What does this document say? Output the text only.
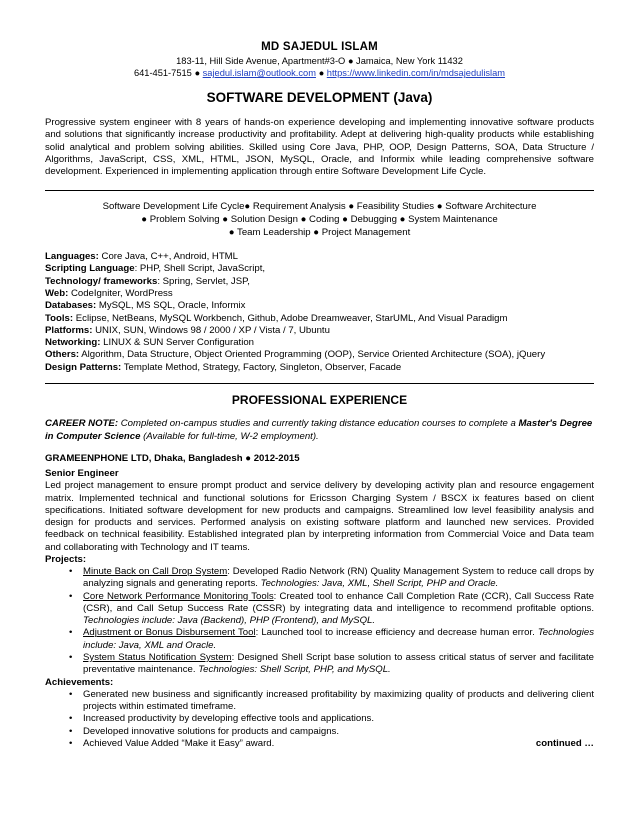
MD SAJEDUL ISLAM
183-11, Hill Side Avenue, Apartment#3-O ● Jamaica, New York 11432
641-451-7515 ● sajedul.islam@outlook.com ● https://www.linkedin.com/in/mdsajedulislam
SOFTWARE DEVELOPMENT (Java)
Progressive system engineer with 8 years of hands-on experience developing and implementing innovative software products and solutions that significantly increase productivity and profitability. Adept at delivering high-quality products while establishing solid analytical and problem solving abilities. Skilled using Core Java, PHP, OOP, Design Patterns, SOA, Data Structure / Algorithms, JavaScript, CSS, XML, HTML, JSON, MySQL, Oracle, and Informix while leading comprehensive software development. Experienced in implementing application through entire Software Development Life Cycle.
Software Development Life Cycle● Requirement Analysis ● Feasibility Studies ● Software Architecture
● Problem Solving ● Solution Design ● Coding ● Debugging ● System Maintenance
● Team Leadership ● Project Management
Languages: Core Java, C++, Android, HTML
Scripting Language: PHP, Shell Script, JavaScript,
Technology/ frameworks: Spring, Servlet, JSP,
Web: CodeIgniter, WordPress
Databases: MySQL, MS SQL, Oracle, Informix
Tools: Eclipse, NetBeans, MySQL Workbench, Github, Adobe Dreamweaver, StarUML, And Visual Paradigm
Platforms: UNIX, SUN, Windows 98 / 2000 / XP / Vista / 7, Ubuntu
Networking: LINUX & SUN Server Configuration
Others: Algorithm, Data Structure, Object Oriented Programming (OOP), Service Oriented Architecture (SOA), jQuery
Design Patterns: Template Method, Strategy, Factory, Singleton, Observer, Facade
PROFESSIONAL EXPERIENCE
CAREER NOTE: Completed on-campus studies and currently taking distance education courses to complete a Master's Degree in Computer Science (Available for full-time, W-2 employment).
GRAMEENPHONE LTD, Dhaka, Bangladesh ● 2012-2015
Senior Engineer
Led project management to ensure prompt product and service delivery by developing activity plan and resource engagement matrix. Implemented technical and functional solutions for Ericsson Charging System / BSCX ix features based on client specifications. Initiated software development for new products and campaigns. Streamlined low level feasibility analysis and design for products and services. Performed analysis on existing software platform and launched new services. Provided feedback on technical feasibility. Established integrated plan by interpreting information from Commercial Voice and Data team and collaborating with Technology and IT teams.
Projects:
• Minute Back on Call Drop System: Developed Radio Network (RN) Quality Management System to reduce call drops by analyzing signals and generating reports. Technologies: Java, XML, Shell Script, PHP and Oracle.
• Core Network Performance Monitoring Tools: Created tool to enhance Call Completion Rate (CCR), Call Success Rate (CSR), and Call Setup Success Rate (CSSR) by integrating data and intelligence to recommend profitable options. Technologies include: Java (Backend), PHP (Frontend), and MySQL.
• Adjustment or Bonus Disbursement Tool: Launched tool to increase efficiency and decrease human error. Technologies include: Java, XML and Oracle.
• System Status Notification System: Designed Shell Script base solution to assess critical status of server and facilitate preventative maintenance. Technologies: Shell Script, PHP, and MySQL.
Achievements:
• Generated new business and significantly increased profitability by maximizing quality of products and delivering client projects within estimated timeframe.
• Increased productivity by developing effective tools and applications.
• Developed innovative solutions for products and campaigns.
• Achieved Value Added “Make it Easy” award.	continued …
